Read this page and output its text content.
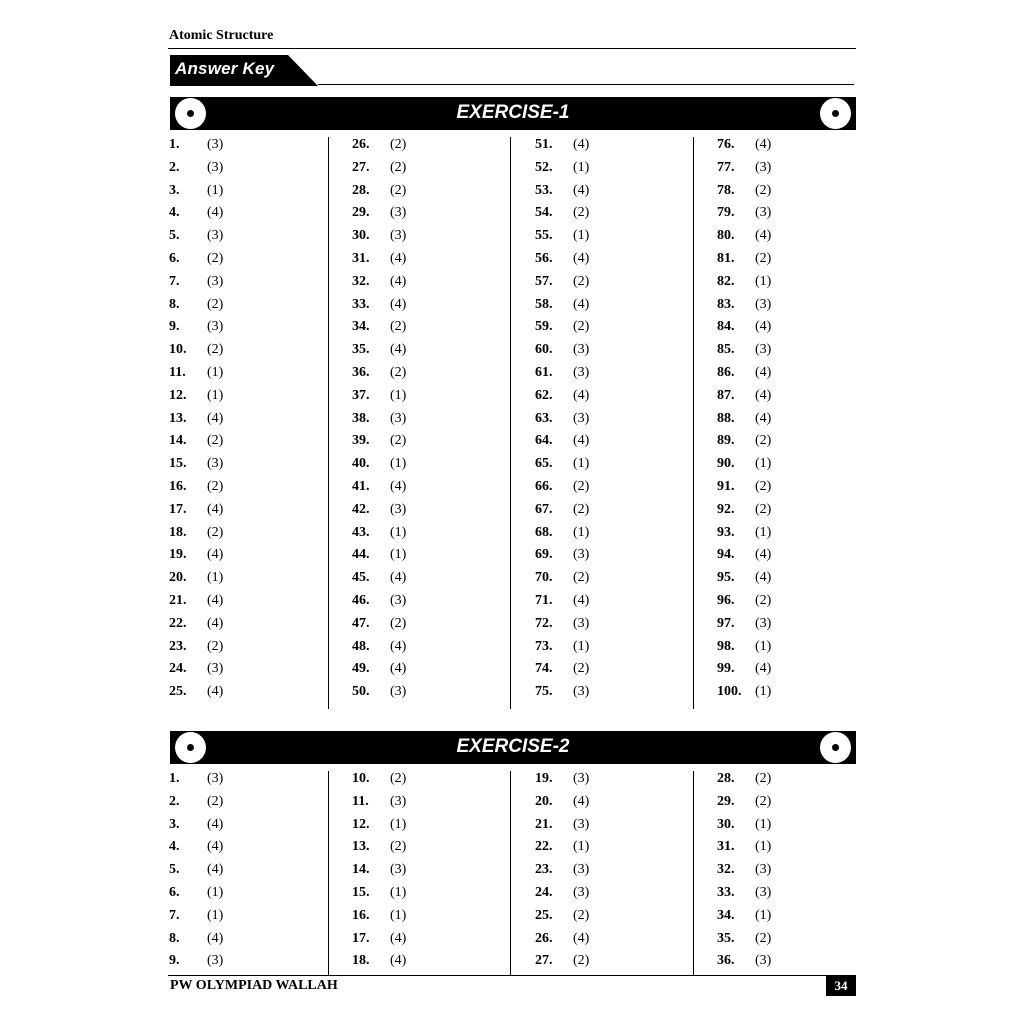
Atomic Structure
Answer Key
EXERCISE-1
1. (3)
2. (3)
3. (1)
4. (4)
5. (3)
6. (2)
7. (3)
8. (2)
9. (3)
10. (2)
11. (1)
12. (1)
13. (4)
14. (2)
15. (3)
16. (2)
17. (4)
18. (2)
19. (4)
20. (1)
21. (4)
22. (4)
23. (2)
24. (3)
25. (4)
26. (2)
27. (2)
28. (2)
29. (3)
30. (3)
31. (4)
32. (4)
33. (4)
34. (2)
35. (4)
36. (2)
37. (1)
38. (3)
39. (2)
40. (1)
41. (4)
42. (3)
43. (1)
44. (1)
45. (4)
46. (3)
47. (2)
48. (4)
49. (4)
50. (3)
51. (4)
52. (1)
53. (4)
54. (2)
55. (1)
56. (4)
57. (2)
58. (4)
59. (2)
60. (3)
61. (3)
62. (4)
63. (3)
64. (4)
65. (1)
66. (2)
67. (2)
68. (1)
69. (3)
70. (2)
71. (4)
72. (3)
73. (1)
74. (2)
75. (3)
76. (4)
77. (3)
78. (2)
79. (3)
80. (4)
81. (2)
82. (1)
83. (3)
84. (4)
85. (3)
86. (4)
87. (4)
88. (4)
89. (2)
90. (1)
91. (2)
92. (2)
93. (1)
94. (4)
95. (4)
96. (2)
97. (3)
98. (1)
99. (4)
100. (1)
EXERCISE-2
1. (3)
2. (2)
3. (4)
4. (4)
5. (4)
6. (1)
7. (1)
8. (4)
9. (3)
10. (2)
11. (3)
12. (1)
13. (2)
14. (3)
15. (1)
16. (1)
17. (4)
18. (4)
19. (3)
20. (4)
21. (3)
22. (1)
23. (3)
24. (3)
25. (2)
26. (4)
27. (2)
28. (2)
29. (2)
30. (1)
31. (1)
32. (3)
33. (3)
34. (1)
35. (2)
36. (3)
PW OLYMPIAD WALLAH	34
